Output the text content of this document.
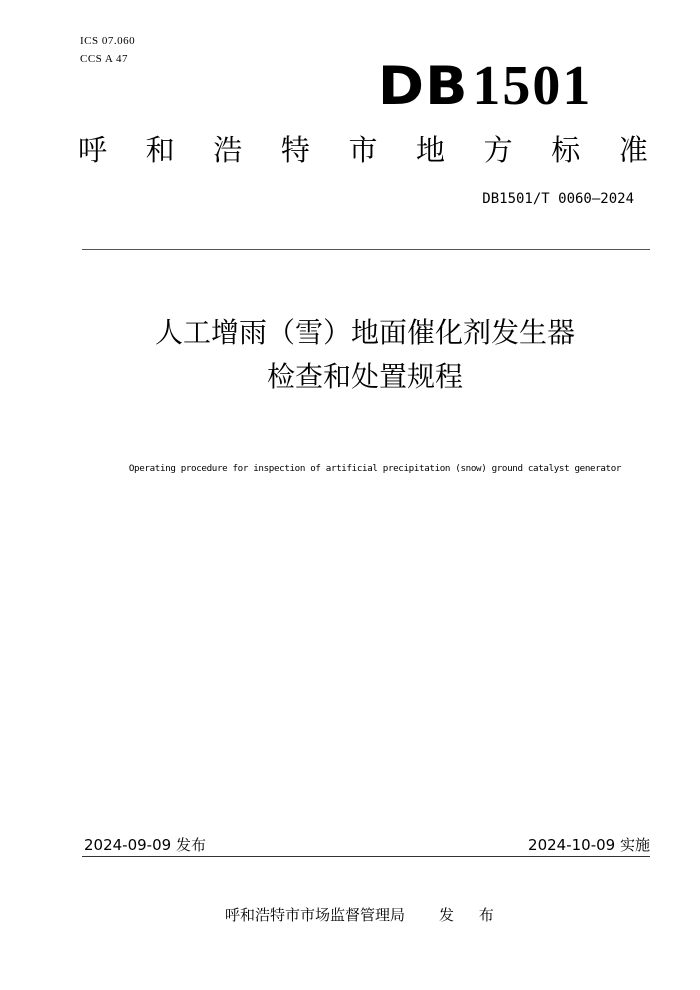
ICS 07.060
CCS A 47	DB1501
呼 和 浩 特 市 地 方 标 准
DB1501/T 0060—2024
人工增雨（雪）地面催化剂发生器
检查和处置规程
Operating procedure for inspection of artificial precipitation (snow) ground catalyst generator
2024-09-09 发布	2024-10-09 实施
呼和浩特市市场监督管理局 发 布
